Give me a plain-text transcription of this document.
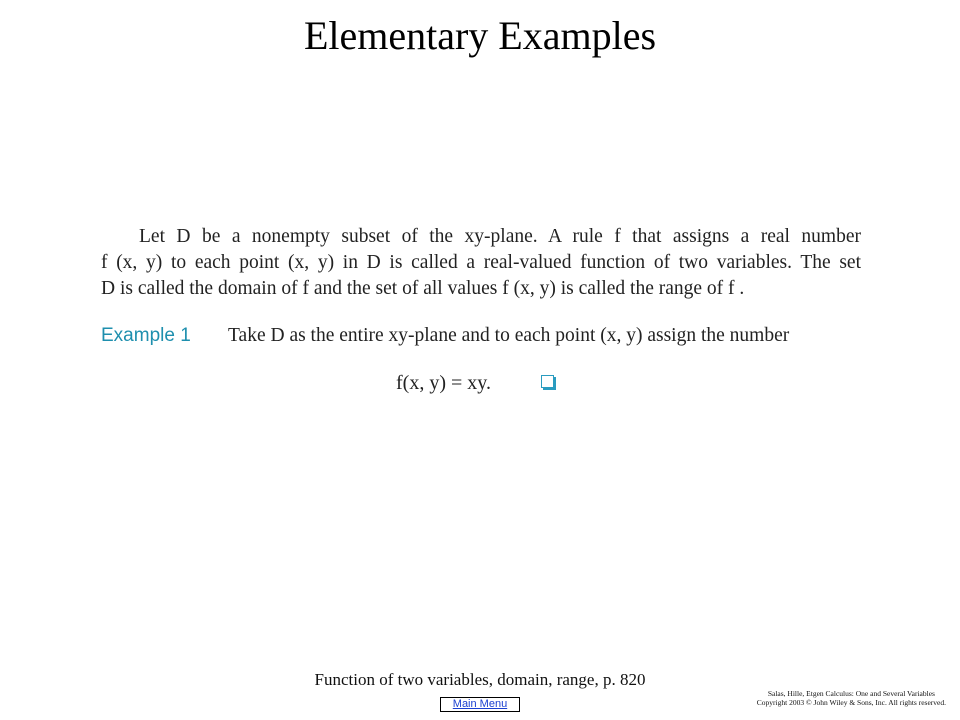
Elementary Examples
Let D be a nonempty subset of the xy-plane. A rule f that assigns a real number
f (x, y) to each point (x, y) in D is called a real-valued function of two variables. The set
D is called the domain of f and the set of all values f (x, y) is called the range of f .
Example 1 Take D as the entire xy-plane and to each point (x, y) assign the number
f(x, y) = xy.
Function of two variables, domain, range, p. 820
Salas, Hille, Etgen Calculus: One and Several Variables
Copyright 2003 © John Wiley & Sons, Inc. All rights reserved.
Main Menu
